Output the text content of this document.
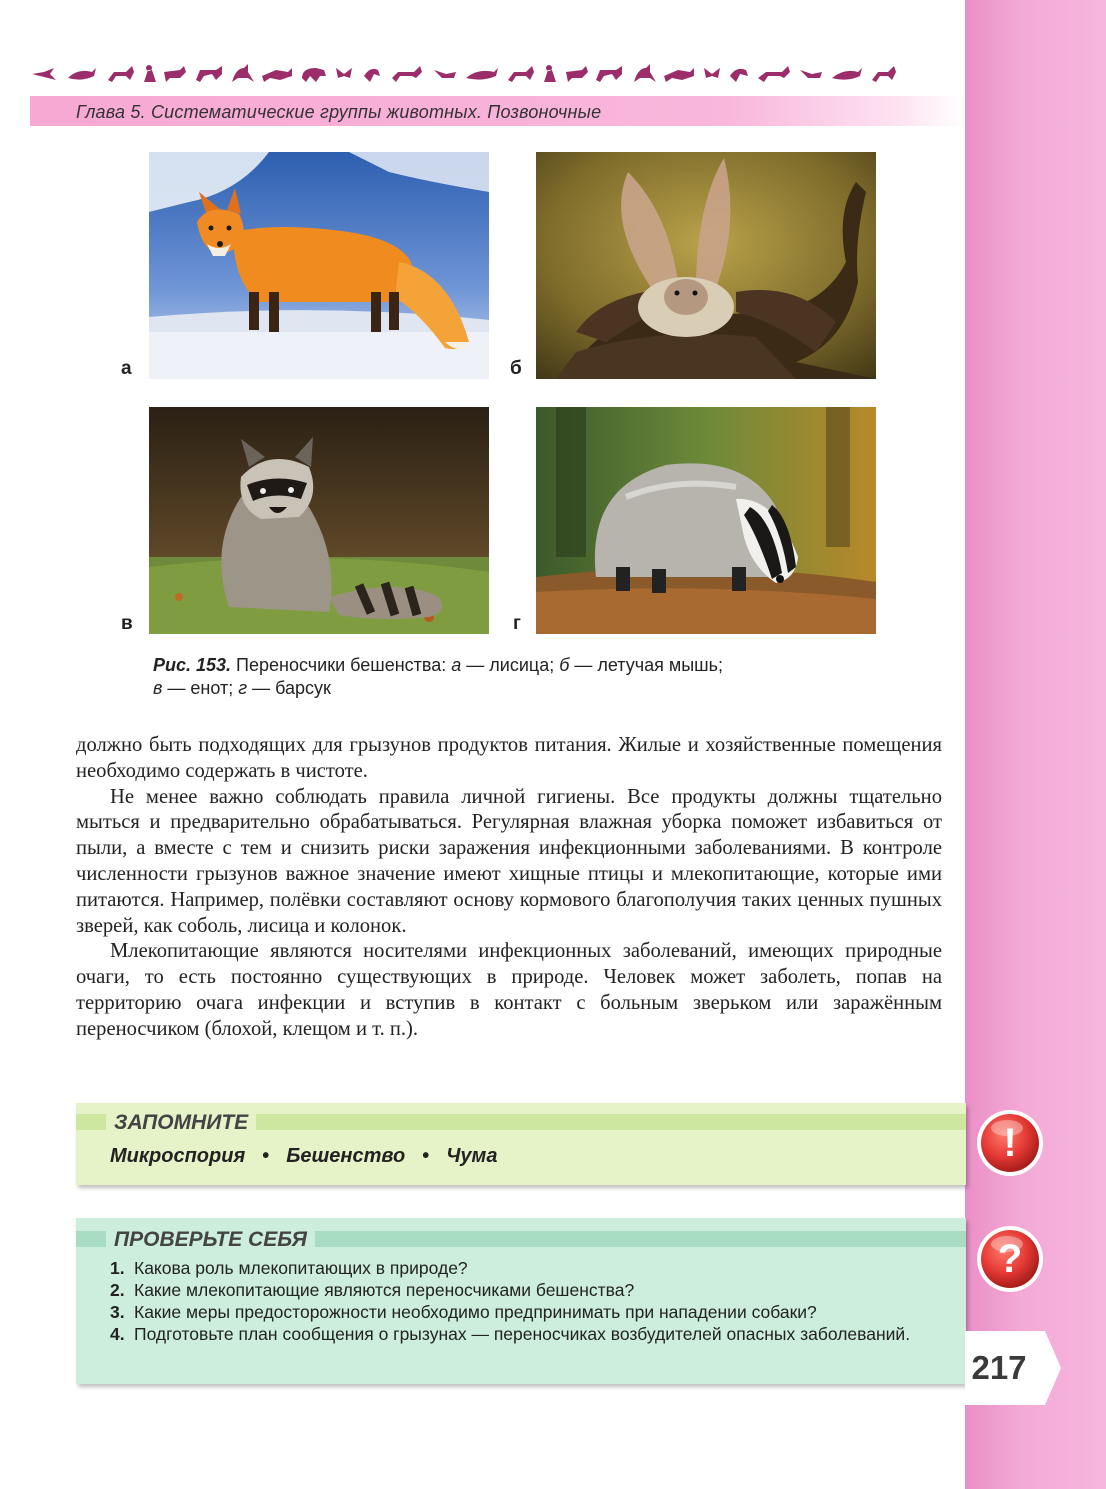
Глава 5. Систематические группы животных. Позвоночные
а	б
в	г
Рис. 153. Переносчики бешенства: а — лисица; б — летучая мышь;
в — енот; г — барсук

должно быть подходящих для грызунов продуктов питания. Жилые и хозяйственные помещения необходимо содержать в чистоте.

Не менее важно соблюдать правила личной гигиены. Все продукты должны тщательно мыться и предварительно обрабатываться. Регулярная влажная уборка поможет избавиться от пыли, а вместе с тем и снизить риски заражения инфекционными заболеваниями. В контроле численности грызунов важное значение имеют хищные птицы и млекопитающие, которые ими питаются. Например, полёвки составляют основу кормового благополучия таких ценных пушных зверей, как соболь, лисица и колонок.

Млекопитающие являются носителями инфекционных заболеваний, имеющих природные очаги, то есть постоянно существующих в природе. Человек может заболеть, попав на территорию очага инфекции и вступив в контакт с больным зверьком или заражённым переносчиком (блохой, клещом и т. п.).

ЗАПОМНИТЕ
Микроспория • Бешенство • Чума	!
ПРОВЕРЬТЕ СЕБЯ
1. Какова роль млекопитающих в природе?
2. Какие млекопитающие являются переносчиками бешенства?
3. Какие меры предосторожности необходимо предпринимать при нападении собаки?
4. Подготовьте план сообщения о грызунах — переносчиках возбудителей опасных заболеваний.
?
217
